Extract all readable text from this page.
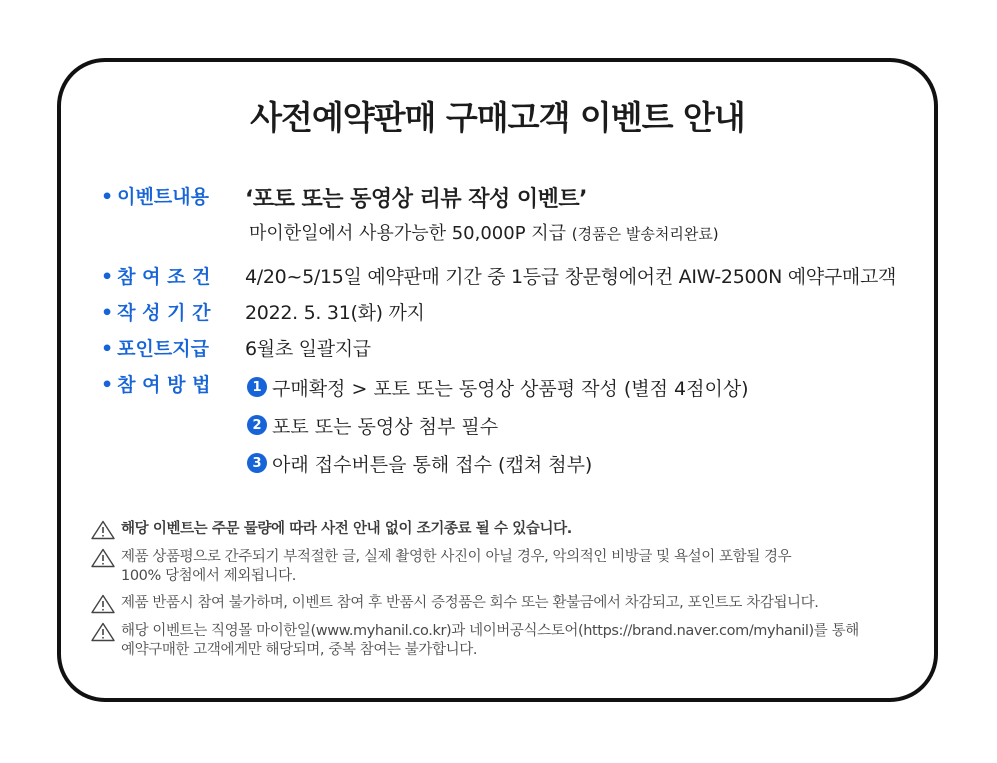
사전예약판매 구매고객 이벤트 안내
• 이벤트내용	‘포토 또는 동영상 리뷰 작성 이벤트’
마이한일에서 사용가능한 50,000P 지급 (경품은 발송처리완료)
• 참 여 조 건	4/20~5/15일 예약판매 기간 중 1등급 창문형에어컨 AIW-2500N 예약구매고객
• 작 성 기 간	2022. 5. 31(화) 까지
• 포인트지급	6월초 일괄지급
• 참 여 방 법	1 구매확정 > 포토 또는 동영상 상품평 작성 (별점 4점이상)
2 포토 또는 동영상 첨부 필수
3 아래 접수버튼을 통해 접수 (캡쳐 첨부)
해당 이벤트는 주문 물량에 따라 사전 안내 없이 조기종료 될 수 있습니다.
제품 상품평으로 간주되기 부적절한 글, 실제 촬영한 사진이 아닐 경우, 악의적인 비방글 및 욕설이 포함될 경우
100% 당첨에서 제외됩니다.
제품 반품시 참여 불가하며, 이벤트 참여 후 반품시 증정품은 회수 또는 환불금에서 차감되고, 포인트도 차감됩니다.
해당 이벤트는 직영몰 마이한일(www.myhanil.co.kr)과 네이버공식스토어(https://brand.naver.com/myhanil)를 통해
예약구매한 고객에게만 해당되며, 중복 참여는 불가합니다.
